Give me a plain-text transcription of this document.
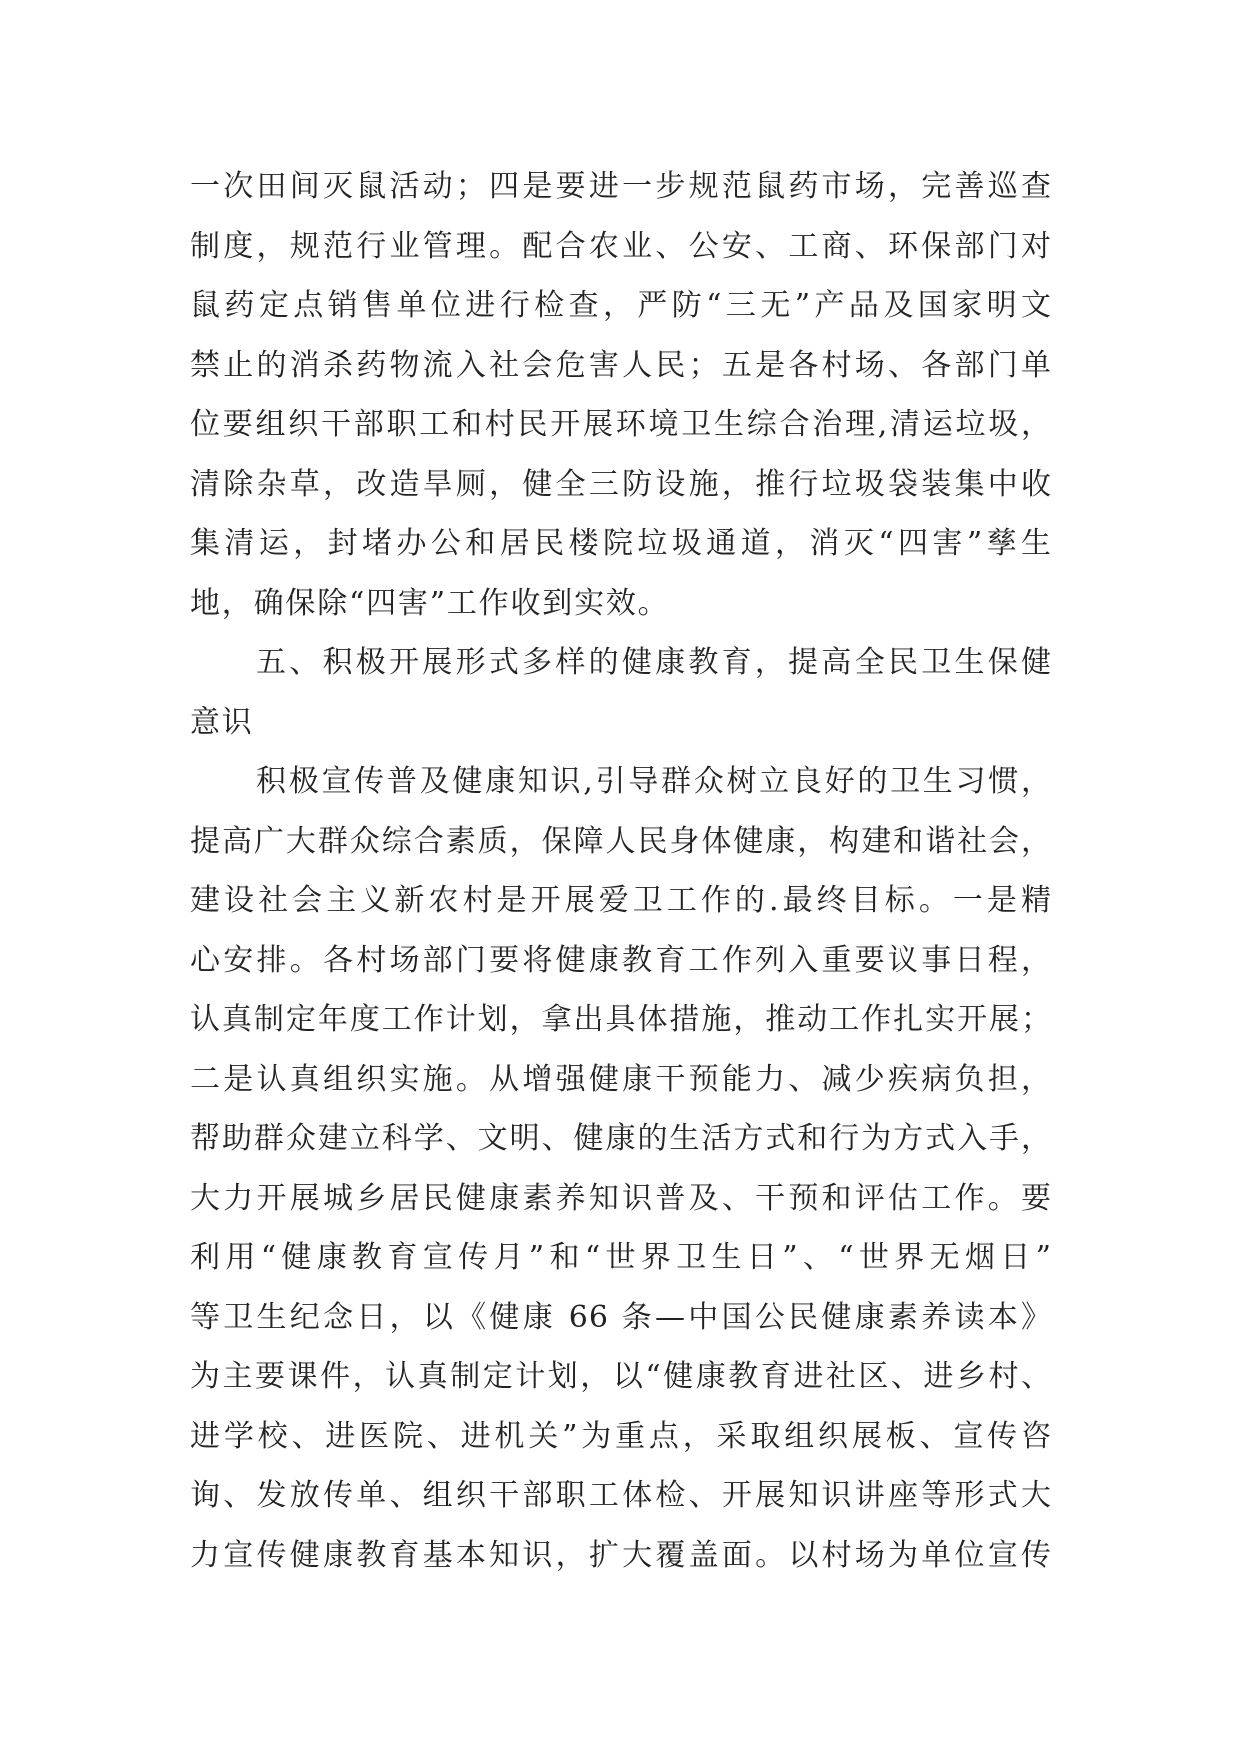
一次田间灭鼠活动；四是要进一步规范鼠药市场，完善巡查
制度，规范行业管理。配合农业、公安、工商、环保部门对
鼠药定点销售单位进行检查，严防“三无”产品及国家明文
禁止的消杀药物流入社会危害人民；五是各村场、各部门单
位要组织干部职工和村民开展环境卫生综合治理,清运垃圾，
清除杂草，改造旱厕，健全三防设施，推行垃圾袋装集中收
集清运，封堵办公和居民楼院垃圾通道，消灭“四害”孳生
地，确保除“四害”工作收到实效。
五、积极开展形式多样的健康教育，提高全民卫生保健
意识
积极宣传普及健康知识,引导群众树立良好的卫生习惯，
提高广大群众综合素质，保障人民身体健康，构建和谐社会，
建设社会主义新农村是开展爱卫工作的.最终目标。一是精
心安排。各村场部门要将健康教育工作列入重要议事日程，
认真制定年度工作计划，拿出具体措施，推动工作扎实开展；
二是认真组织实施。从增强健康干预能力、减少疾病负担，
帮助群众建立科学、文明、健康的生活方式和行为方式入手，
大力开展城乡居民健康素养知识普及、干预和评估工作。要
利用“健康教育宣传月”和“世界卫生日”、“世界无烟日”
等卫生纪念日，以《健康 66 条—中国公民健康素养读本》
为主要课件，认真制定计划，以“健康教育进社区、进乡村、
进学校、进医院、进机关”为重点，采取组织展板、宣传咨
询、发放传单、组织干部职工体检、开展知识讲座等形式大
力宣传健康教育基本知识，扩大覆盖面。以村场为单位宣传
